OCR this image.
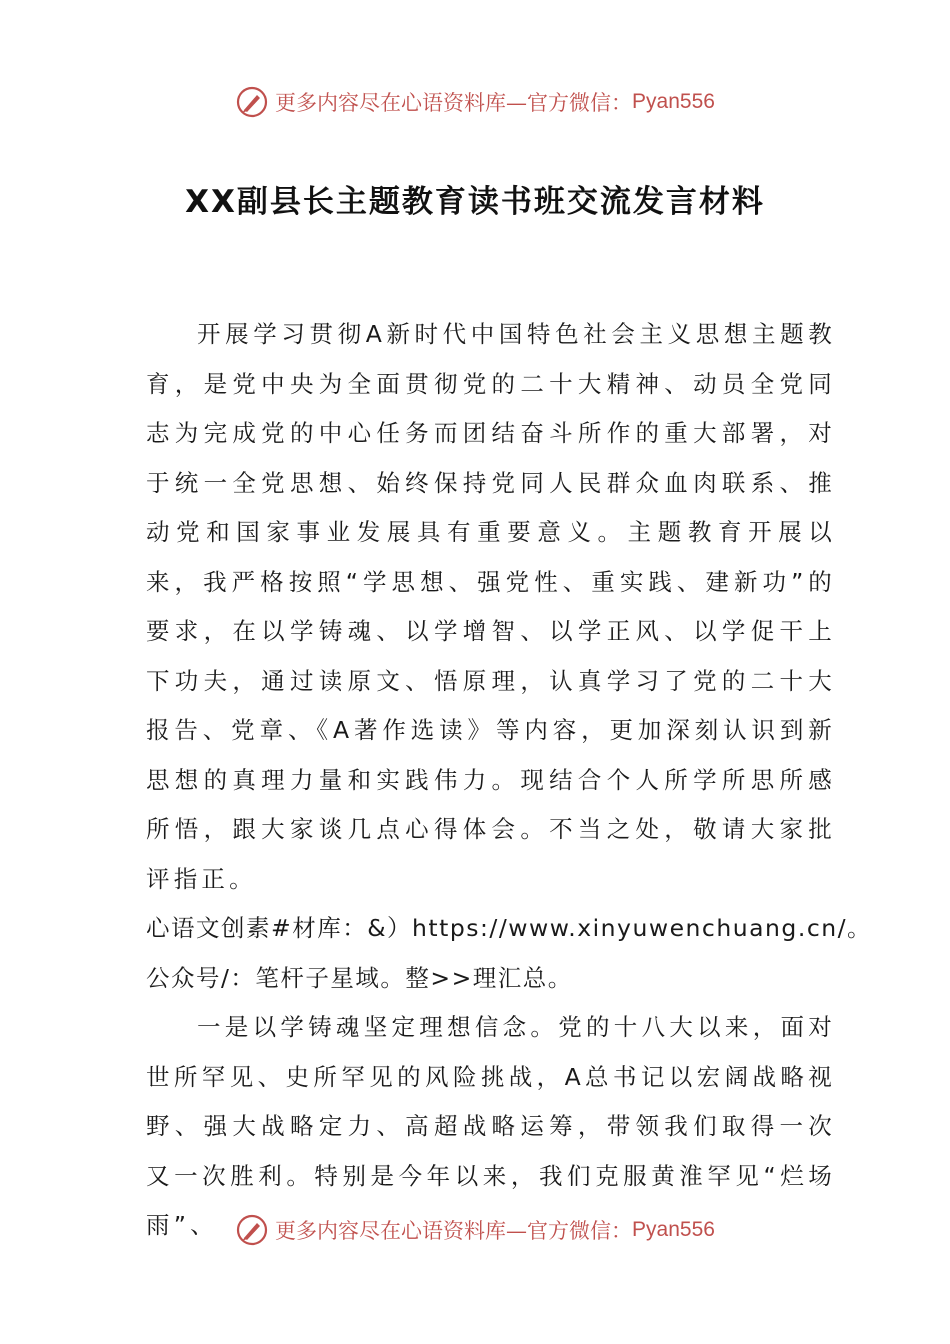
更多内容尽在心语资料库—官方微信： Pyan556
XX副县长主题教育读书班交流发言材料

开展学习贯彻A新时代中国特色社会主义思想主题教育，是党中央为全面贯彻党的二十大精神、动员全党同志为完成党的中心任务而团结奋斗所作的重大部署，对于统一全党思想、始终保持党同人民群众血肉联系、推动党和国家事业发展具有重要意义。主题教育开展以来，我严格按照“学思想、强党性、重实践、建新功”的要求，在以学铸魂、以学增智、以学正风、以学促干上下功夫，通过读原文、悟原理，认真学习了党的二十大报告、党章、《A著作选读》等内容，更加深刻认识到新思想的真理力量和实践伟力。现结合个人所学所思所感所悟，跟大家谈几点心得体会。不当之处，敬请大家批评指正。

心语文创素#材库：&）https://www.xinyuwenchuang.cn/。

公众号/：笔杆子星域。整>>理汇总。

一是以学铸魂坚定理想信念。党的十八大以来，面对世所罕见、史所罕见的风险挑战，A总书记以宏阔战略视野、强大战略定力、高超战略运筹，带领我们取得一次又一次胜利。特别是今年以来，我们克服黄淮罕见“烂场雨”、	更多内容尽在心语资料库—官方微信： Pyan556
